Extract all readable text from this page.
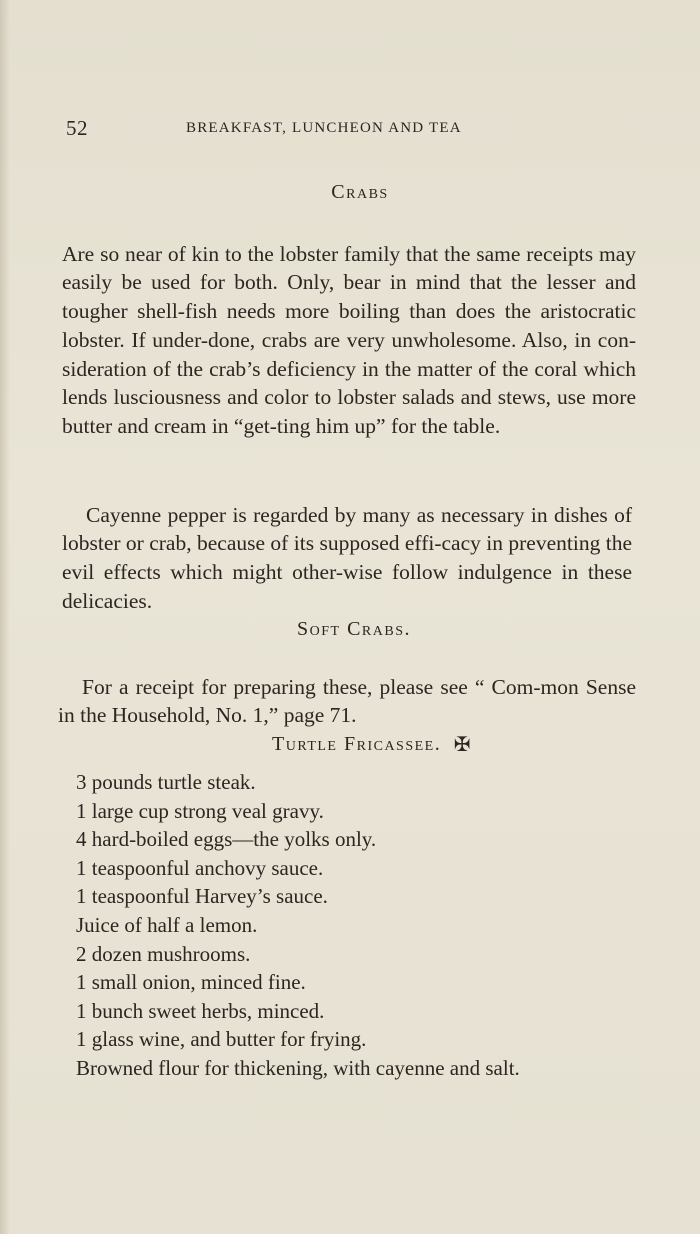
52	BREAKFAST, LUNCHEON AND TEA
Crabs

Are so near of kin to the lobster family that the same receipts may easily be used for both. Only, bear in mind that the lesser and tougher shell-fish needs more boiling than does the aristocratic lobster. If under-done, crabs are very unwholesome. Also, in con-sideration of the crab’s deficiency in the matter of the coral which lends lusciousness and color to lobster salads and stews, use more butter and cream in “get-ting him up” for the table.

Cayenne pepper is regarded by many as necessary in dishes of lobster or crab, because of its supposed effi-cacy in preventing the evil effects which might other-wise follow indulgence in these delicacies.

Soft Crabs.

For a receipt for preparing these, please see “ Com-mon Sense in the Household, No. 1,” page 71.

Turtle Fricassee. ✠
3 pounds turtle steak.
1 large cup strong veal gravy.
4 hard-boiled eggs—the yolks only.
1 teaspoonful anchovy sauce.
1 teaspoonful Harvey’s sauce.
Juice of half a lemon.
2 dozen mushrooms.
1 small onion, minced fine.
1 bunch sweet herbs, minced.
1 glass wine, and butter for frying.
Browned flour for thickening, with cayenne and salt.
